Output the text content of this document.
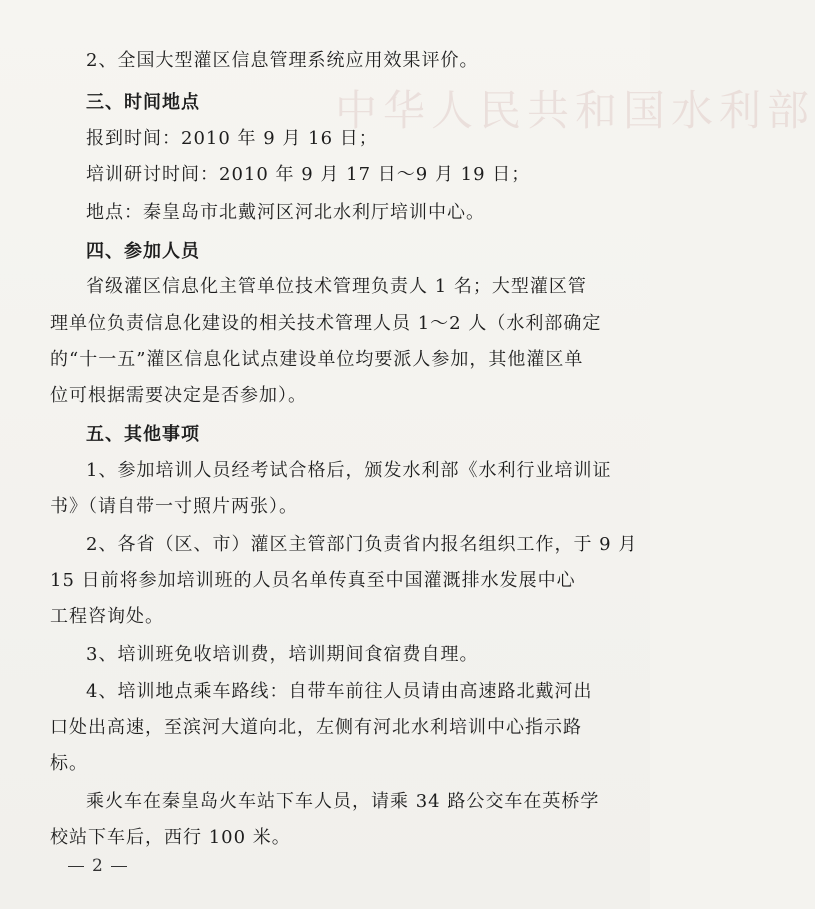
中华人民共和国水利部
2、全国大型灌区信息管理系统应用效果评价。
三、时间地点
报到时间：2010 年 9 月 16 日；
培训研讨时间：2010 年 9 月 17 日～9 月 19 日；
地点：秦皇岛市北戴河区河北水利厅培训中心。
四、参加人员
省级灌区信息化主管单位技术管理负责人 1 名；大型灌区管
理单位负责信息化建设的相关技术管理人员 1～2 人（水利部确定
的“十一五”灌区信息化试点建设单位均要派人参加，其他灌区单
位可根据需要决定是否参加）。
五、其他事项
1、参加培训人员经考试合格后，颁发水利部《水利行业培训证
书》（请自带一寸照片两张）。
2、各省（区、市）灌区主管部门负责省内报名组织工作，于 9 月
15 日前将参加培训班的人员名单传真至中国灌溉排水发展中心
工程咨询处。
3、培训班免收培训费，培训期间食宿费自理。
4、培训地点乘车路线：自带车前往人员请由高速路北戴河出
口处出高速，至滨河大道向北，左侧有河北水利培训中心指示路
标。
乘火车在秦皇岛火车站下车人员，请乘 34 路公交车在英桥学
校站下车后，西行 100 米。
2
